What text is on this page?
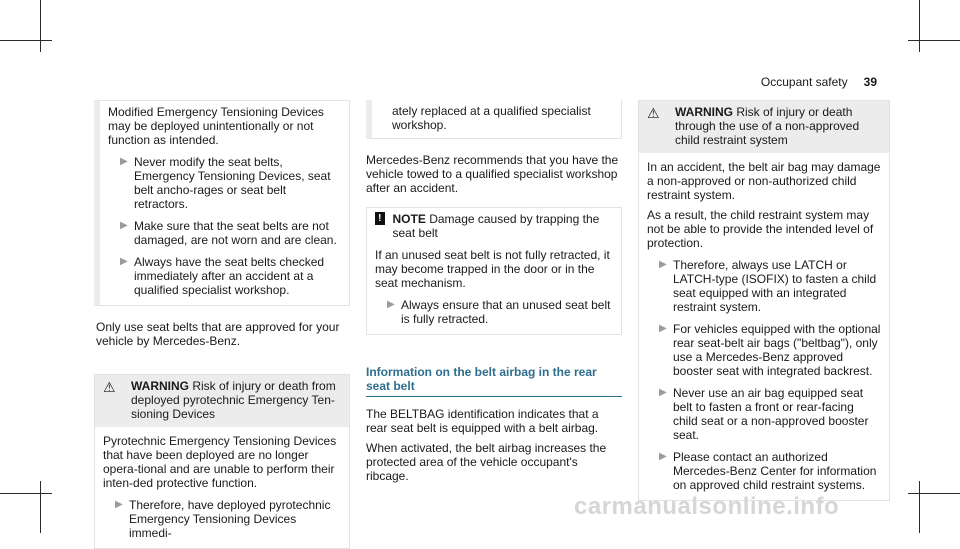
Occupant safety 39

Modified Emergency Tensioning Devices may be deployed unintentionally or not function as intended.

▶ Never modify the seat belts, Emergency Tensioning Devices, seat belt ancho-rages or seat belt retractors.
▶ Make sure that the seat belts are not damaged, are not worn and are clean.
▶ Always have the seat belts checked immediately after an accident at a qualified specialist workshop.

Only use seat belts that are approved for your vehicle by Mercedes-Benz.

⚠	WARNING Risk of injury or death from deployed pyrotechnic Emergency Ten-sioning Devices

Pyrotechnic Emergency Tensioning Devices that have been deployed are no longer opera-tional and are unable to perform their inten-ded protective function.

▶ Therefore, have deployed pyrotechnic Emergency Tensioning Devices immedi-

ately replaced at a qualified specialist workshop.

Mercedes-Benz recommends that you have the vehicle towed to a qualified specialist workshop after an accident.

! NOTE Damage caused by trapping the seat belt

If an unused seat belt is not fully retracted, it may become trapped in the door or in the seat mechanism.

▶ Always ensure that an unused seat belt is fully retracted.
Information on the belt airbag in the rear seat belt

The BELTBAG identification indicates that a rear seat belt is equipped with a belt airbag.

When activated, the belt airbag increases the protected area of the vehicle occupant's ribcage.

⚠	WARNING Risk of injury or death through the use of a non-approved child restraint system

In an accident, the belt air bag may damage a non-approved or non-authorized child restraint system.

As a result, the child restraint system may not be able to provide the intended level of protection.

▶ Therefore, always use LATCH or LATCH-type (ISOFIX) to fasten a child seat equipped with an integrated restraint system.
▶ For vehicles equipped with the optional rear seat-belt air bags ("beltbag"), only use a Mercedes-Benz approved booster seat with integrated backrest.
▶ Never use an air bag equipped seat belt to fasten a front or rear-facing child seat or a non-approved booster seat.
▶ Please contact an authorized Mercedes-Benz Center for information on approved child restraint systems.
carmanualsonline.info
